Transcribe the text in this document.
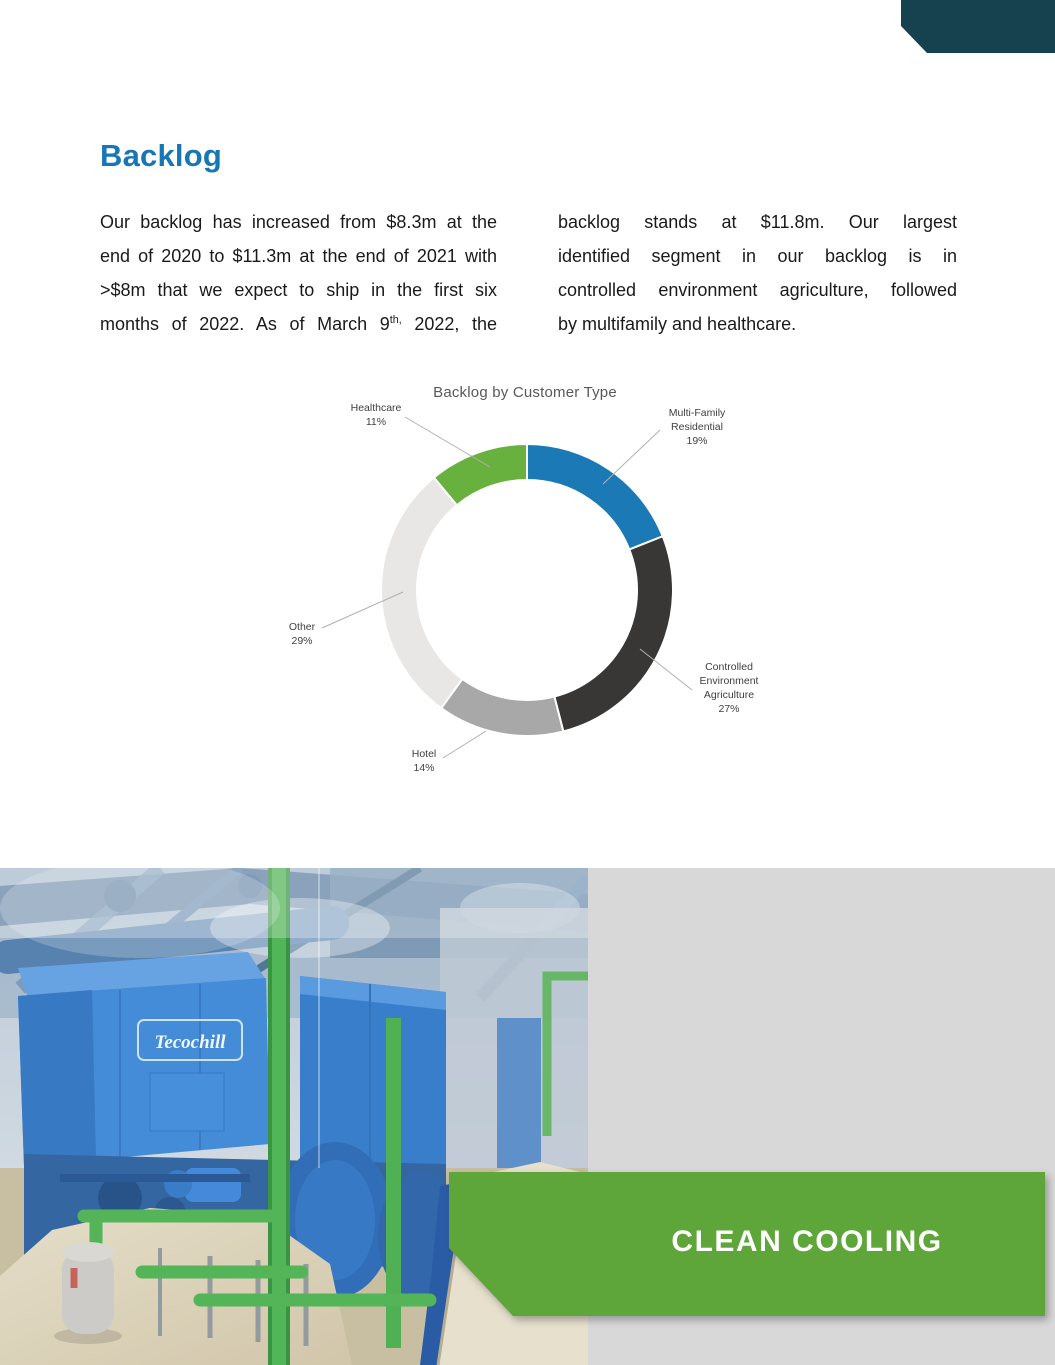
Backlog
Our backlog has increased from $8.3m at the
end of 2020 to $11.3m at the end of 2021 with
>$8m that we expect to ship in the first six
months of 2022. As of March $9^{th,}$ 2022, the
backlog stands at $11.8m. Our largest
identified segment in our backlog is in
controlled environment agriculture, followed
by multifamily and healthcare.
Backlog by Customer Type
Healthcare
11%
Multi-Family
Residential
19%
Other
29%
Hotel
14%
Controlled
Environment
Agriculture
27%
Tecochill
CLEAN COOLING
